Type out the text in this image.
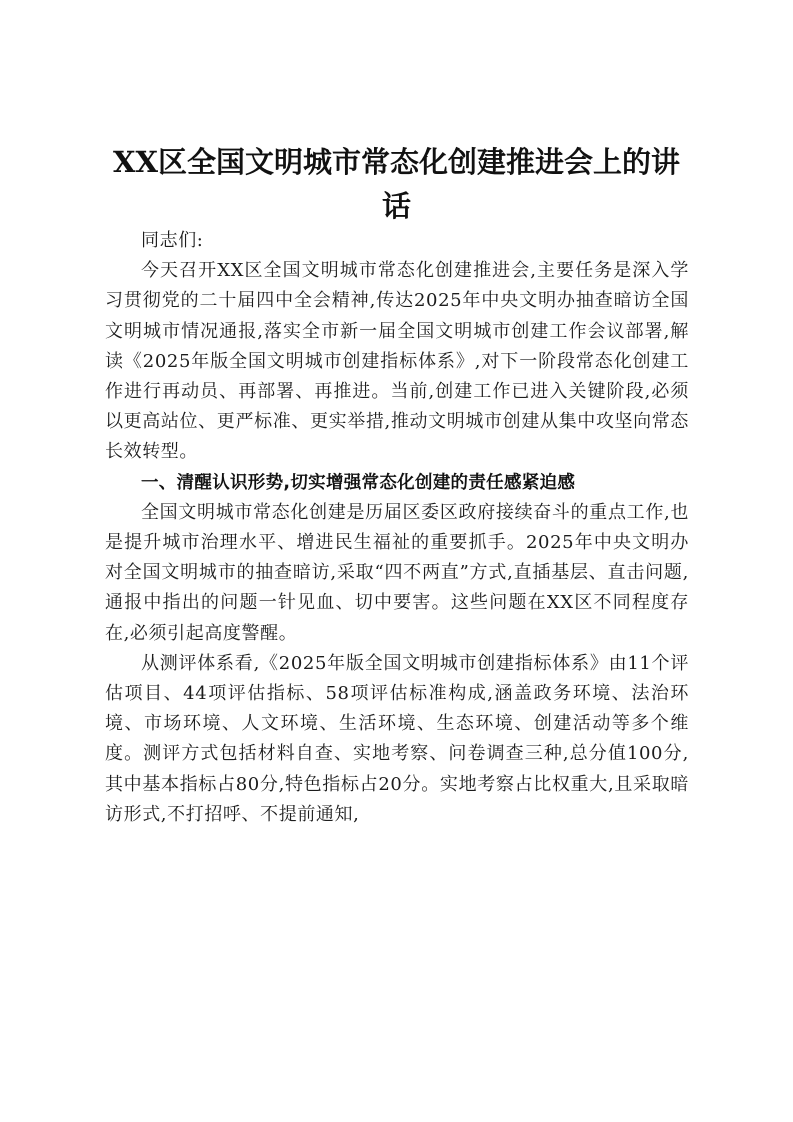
XX区全国文明城市常态化创建推进会上的讲话

同志们:

今天召开XX区全国文明城市常态化创建推进会,主要任务是深入学习贯彻党的二十届四中全会精神,传达2025年中央文明办抽查暗访全国文明城市情况通报,落实全市新一届全国文明城市创建工作会议部署,解读《2025年版全国文明城市创建指标体系》,对下一阶段常态化创建工作进行再动员、再部署、再推进。当前,创建工作已进入关键阶段,必须以更高站位、更严标准、更实举措,推动文明城市创建从集中攻坚向常态长效转型。

一、清醒认识形势,切实增强常态化创建的责任感紧迫感

全国文明城市常态化创建是历届区委区政府接续奋斗的重点工作,也是提升城市治理水平、增进民生福祉的重要抓手。2025年中央文明办对全国文明城市的抽查暗访,采取“四不两直”方式,直插基层、直击问题,通报中指出的问题一针见血、切中要害。这些问题在XX区不同程度存在,必须引起高度警醒。

从测评体系看,《2025年版全国文明城市创建指标体系》由11个评估项目、44项评估指标、58项评估标准构成,涵盖政务环境、法治环境、市场环境、人文环境、生活环境、生态环境、创建活动等多个维度。测评方式包括材料自查、实地考察、问卷调查三种,总分值100分,其中基本指标占80分,特色指标占20分。实地考察占比权重大,且采取暗访形式,不打招呼、不提前通知,
